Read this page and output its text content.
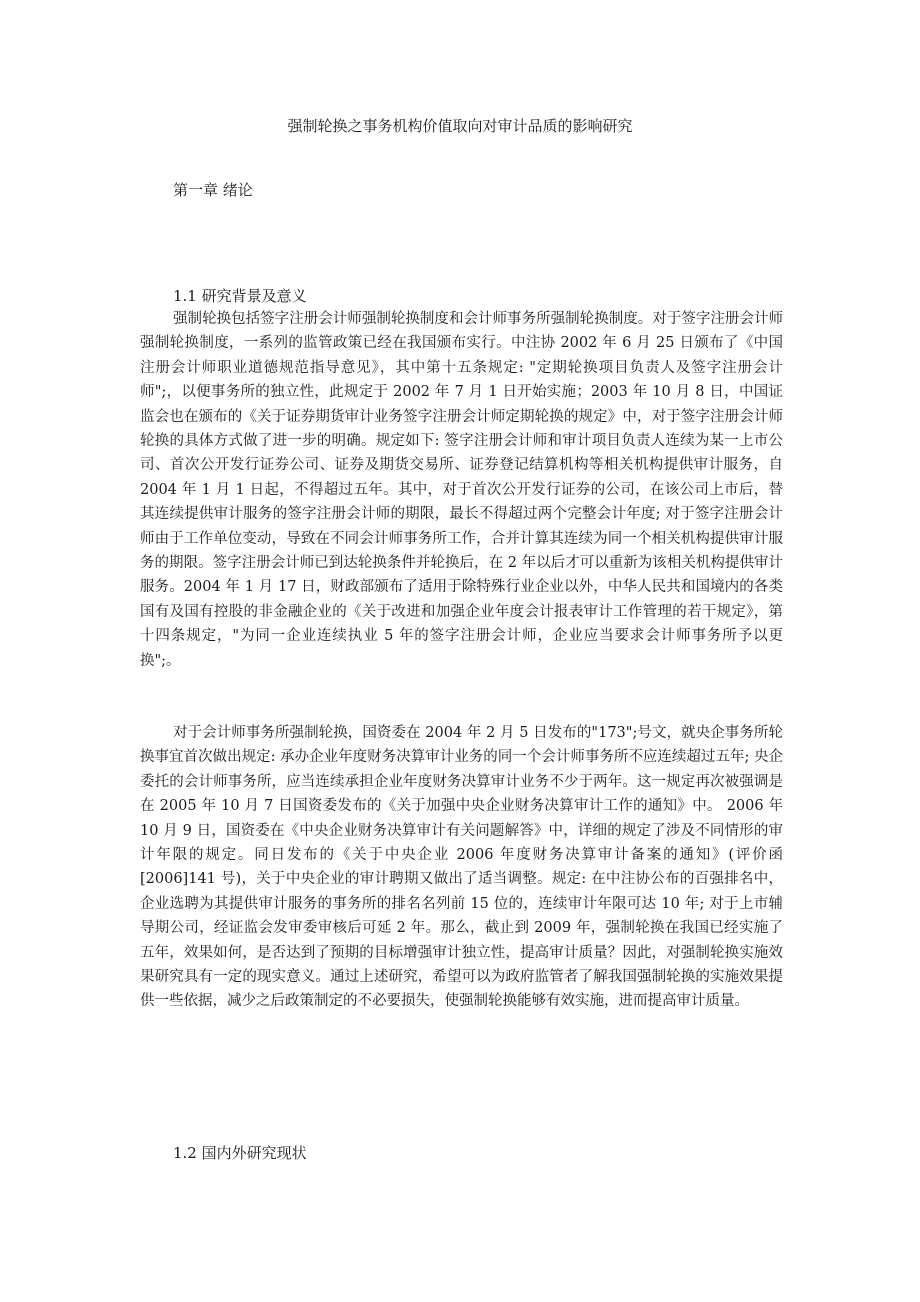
强制轮换之事务机构价值取向对审计品质的影响研究
第一章 绪论
1.1 研究背景及意义

强制轮换包括签字注册会计师强制轮换制度和会计师事务所强制轮换制度。对于签字注册会计师强制轮换制度，一系列的监管政策已经在我国颁布实行。中注协 2002 年 6 月 25 日颁布了《中国注册会计师职业道德规范指导意见》，其中第十五条规定: "定期轮换项目负责人及签字注册会计师";，以便事务所的独立性，此规定于 2002 年 7 月 1 日开始实施；2003 年 10 月 8 日，中国证监会也在颁布的《关于证券期货审计业务签字注册会计师定期轮换的规定》中，对于签字注册会计师轮换的具体方式做了进一步的明确。规定如下: 签字注册会计师和审计项目负责人连续为某一上市公司、首次公开发行证券公司、证券及期货交易所、证券登记结算机构等相关机构提供审计服务，自 2004 年 1 月 1 日起，不得超过五年。其中，对于首次公开发行证券的公司，在该公司上市后，替其连续提供审计服务的签字注册会计师的期限，最长不得超过两个完整会计年度; 对于签字注册会计师由于工作单位变动，导致在不同会计师事务所工作，合并计算其连续为同一个相关机构提供审计服务的期限。签字注册会计师已到达轮换条件并轮换后，在 2 年以后才可以重新为该相关机构提供审计服务。2004 年 1 月 17 日，财政部颁布了适用于除特殊行业企业以外，中华人民共和国境内的各类国有及国有控股的非金融企业的《关于改进和加强企业年度会计报表审计工作管理的若干规定》，第十四条规定，"为同一企业连续执业 5 年的签字注册会计师，企业应当要求会计师事务所予以更换";。

对于会计师事务所强制轮换，国资委在 2004 年 2 月 5 日发布的"173";号文，就央企事务所轮换事宜首次做出规定: 承办企业年度财务决算审计业务的同一个会计师事务所不应连续超过五年; 央企委托的会计师事务所，应当连续承担企业年度财务决算审计业务不少于两年。这一规定再次被强调是在 2005 年 10 月 7 日国资委发布的《关于加强中央企业财务决算审计工作的通知》中。 2006 年 10 月 9 日，国资委在《中央企业财务决算审计有关问题解答》中，详细的规定了涉及不同情形的审计年限的规定。同日发布的《关于中央企业 2006 年度财务决算审计备案的通知》(评价函[2006]141 号)，关于中央企业的审计聘期又做出了适当调整。规定: 在中注协公布的百强排名中，企业选聘为其提供审计服务的事务所的排名名列前 15 位的，连续审计年限可达 10 年; 对于上市辅导期公司，经证监会发审委审核后可延 2 年。那么，截止到 2009 年，强制轮换在我国已经实施了五年，效果如何，是否达到了预期的目标增强审计独立性，提高审计质量？因此，对强制轮换实施效果研究具有一定的现实意义。通过上述研究，希望可以为政府监管者了解我国强制轮换的实施效果提供一些依据，减少之后政策制定的不必要损失，使强制轮换能够有效实施，进而提高审计质量。

1.2 国内外研究现状
